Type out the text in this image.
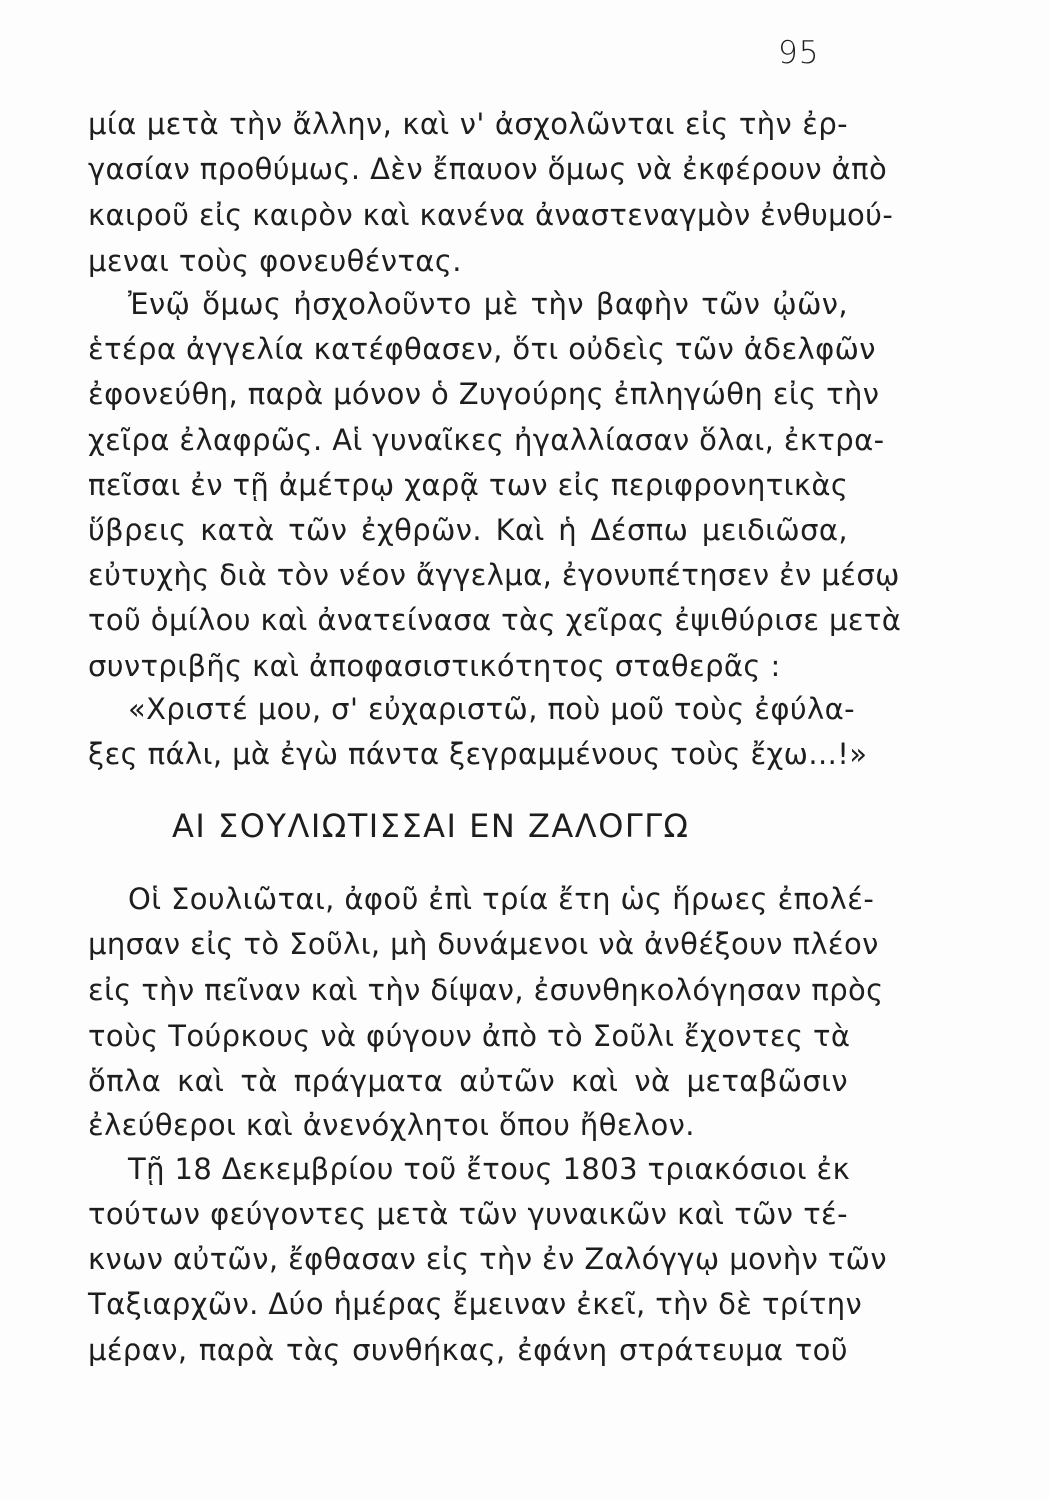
95
μία μετὰ τὴν ἄλλην, καὶ ν' ἀσχολῶνται εἰς τὴν ἐρ-
γασίαν προθύμως. Δὲν ἔπαυον ὅμως νὰ ἐκφέρουν ἀπὸ
καιροῦ εἰς καιρὸν καὶ κανένα ἀναστεναγμὸν ἐνθυμού-
μεναι τοὺς φονευθέντας.
Ἐνῷ ὅμως ἠσχολοῦντο μὲ τὴν βαφὴν τῶν ᾠῶν,
ἑτέρα ἀγγελία κατέφθασεν, ὅτι οὐδεὶς τῶν ἀδελφῶν
ἐφονεύθη, παρὰ μόνον ὁ Ζυγούρης ἐπληγώθη εἰς τὴν
χεῖρα ἐλαφρῶς. Αἱ γυναῖκες ἠγαλλίασαν ὅλαι, ἐκτρα-
πεῖσαι ἐν τῇ ἀμέτρῳ χαρᾷ των εἰς περιφρονητικὰς
ὕβρεις κατὰ τῶν ἐχθρῶν. Καὶ ἡ Δέσπω μειδιῶσα,
εὐτυχὴς διὰ τὸν νέον ἄγγελμα, ἐγονυπέτησεν ἐν μέσῳ
τοῦ ὁμίλου καὶ ἀνατείνασα τὰς χεῖρας ἐψιθύρισε μετὰ
συντριβῆς καὶ ἀποφασιστικότητος σταθερᾶς :
«Χριστέ μου, σ' εὐχαριστῶ, ποὺ μοῦ τοὺς ἐφύλα-
ξες πάλι, μὰ ἐγὼ πάντα ξεγραμμένους τοὺς ἔχω...!»
ΑΙ ΣΟΥΛΙΩΤΙΣΣΑΙ ΕΝ ΖΑΛΟΓΓΩ
Οἱ Σουλιῶται, ἀφοῦ ἐπὶ τρία ἔτη ὡς ἥρωες ἐπολέ-
μησαν εἰς τὸ Σοῦλι, μὴ δυνάμενοι νὰ ἀνθέξουν πλέον
εἰς τὴν πεῖναν καὶ τὴν δίψαν, ἐσυνθηκολόγησαν πρὸς
τοὺς Τούρκους νὰ φύγουν ἀπὸ τὸ Σοῦλι ἔχοντες τὰ
ὅπλα καὶ τὰ πράγματα αὐτῶν καὶ νὰ μεταβῶσιν
ἐλεύθεροι καὶ ἀνενόχλητοι ὅπου ἤθελον.
Τῇ 18 Δεκεμβρίου τοῦ ἔτους 1803 τριακόσιοι ἐκ
τούτων φεύγοντες μετὰ τῶν γυναικῶν καὶ τῶν τέ-
κνων αὐτῶν, ἔφθασαν εἰς τὴν ἐν Ζαλόγγῳ μονὴν τῶν
Ταξιαρχῶν. Δύο ἡμέρας ἔμειναν ἐκεῖ, τὴν δὲ τρίτην
μέραν, παρὰ τὰς συνθήκας, ἐφάνη στράτευμα τοῦ
